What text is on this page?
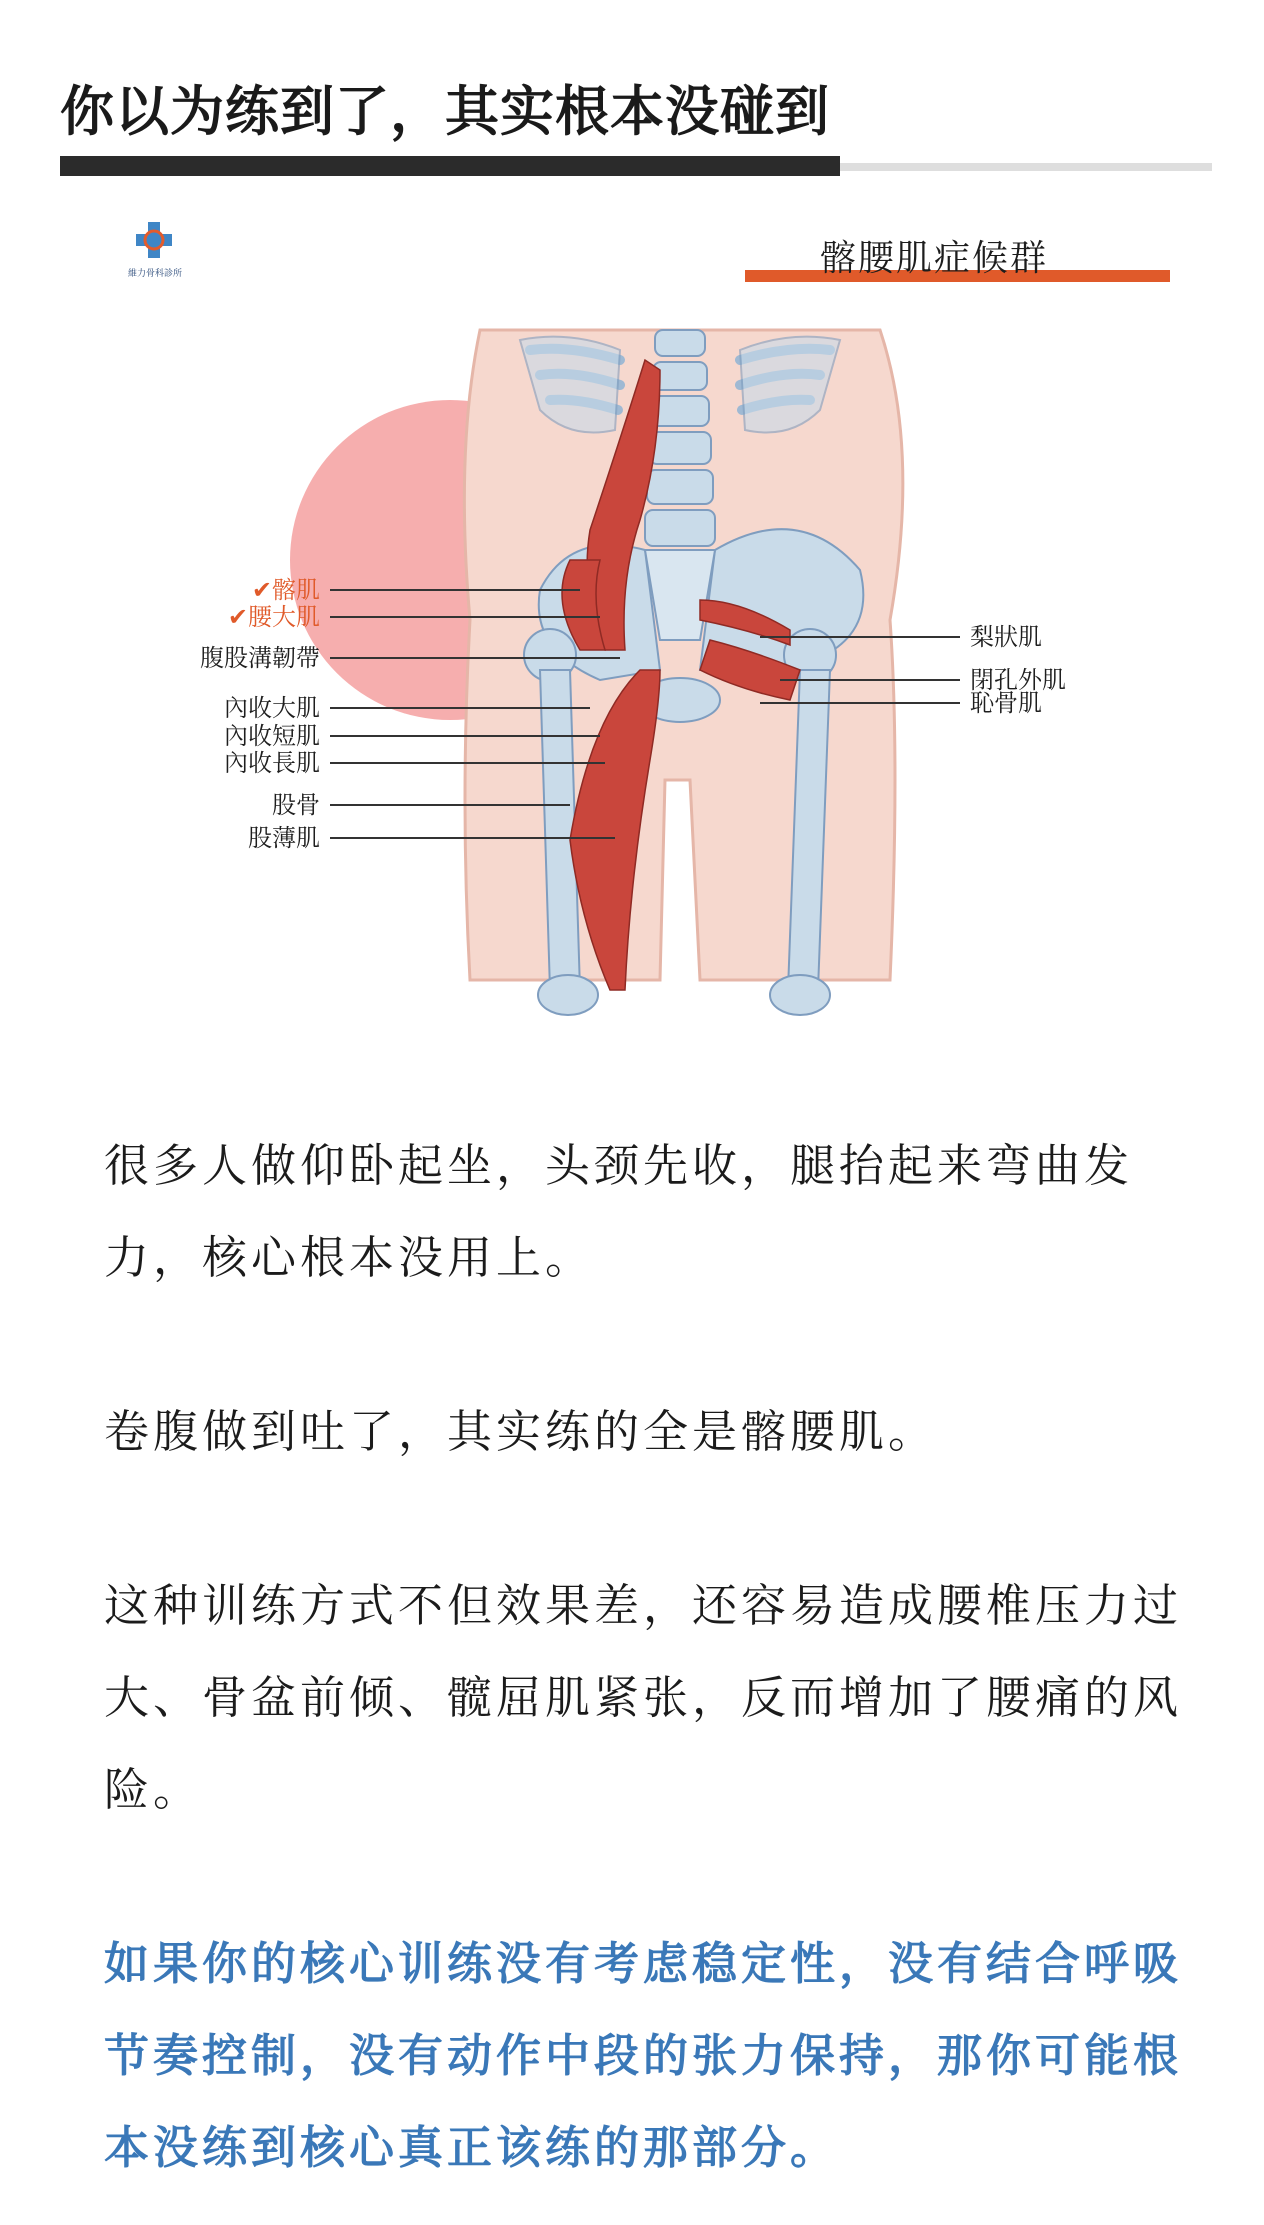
你以为练到了，其实根本没碰到
維力骨科診所	髂腰肌症候群
✔髂肌
✔腰大肌
腹股溝韌帶
內收大肌
內收短肌
內收長肌
股骨
股薄肌
梨狀肌
閉孔外肌
恥骨肌
很多人做仰卧起坐，头颈先收，腿抬起来弯曲发力，核心根本没用上。
卷腹做到吐了，其实练的全是髂腰肌。
这种训练方式不但效果差，还容易造成腰椎压力过大、骨盆前倾、髋屈肌紧张，反而增加了腰痛的风险。
如果你的核心训练没有考虑稳定性，没有结合呼吸节奏控制，没有动作中段的张力保持，那你可能根本没练到核心真正该练的那部分。
